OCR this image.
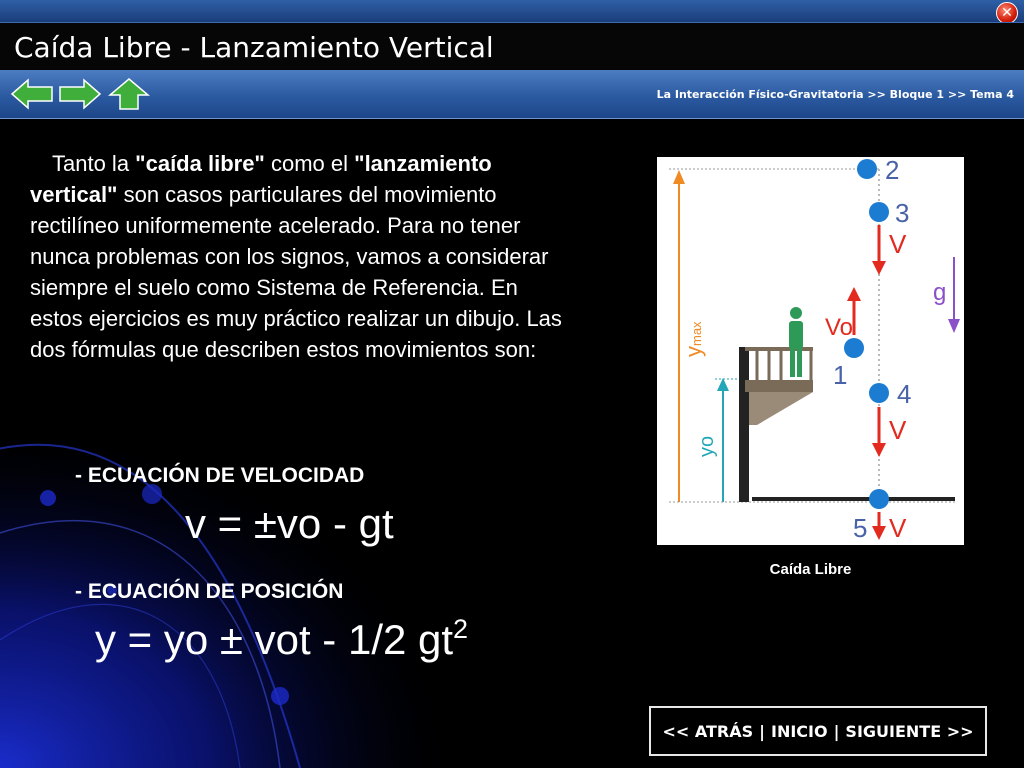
✕
Caída Libre - Lanzamiento Vertical
La Interacción Físico-Gravitatoria >> Bloque 1 >> Tema 4
Tanto la "caída libre" como el "lanzamiento vertical" son casos particulares del movimiento rectilíneo uniformemente acelerado. Para no tener nunca problemas con los signos, vamos a considerar siempre el suelo como Sistema de Referencia. En estos ejercicios es muy práctico realizar un dibujo. Las dos fórmulas que describen estos movimientos son:
- ECUACIÓN DE VELOCIDAD
v = ±vo - gt
- ECUACIÓN DE POSICIÓN
y = yo ± vot - 1/2 $gt^2$
ymax
yo
2
3
V
g
Vo
1
4
V
5 V
Caída Libre
<< ATRÁS | INICIO | SIGUIENTE >>
